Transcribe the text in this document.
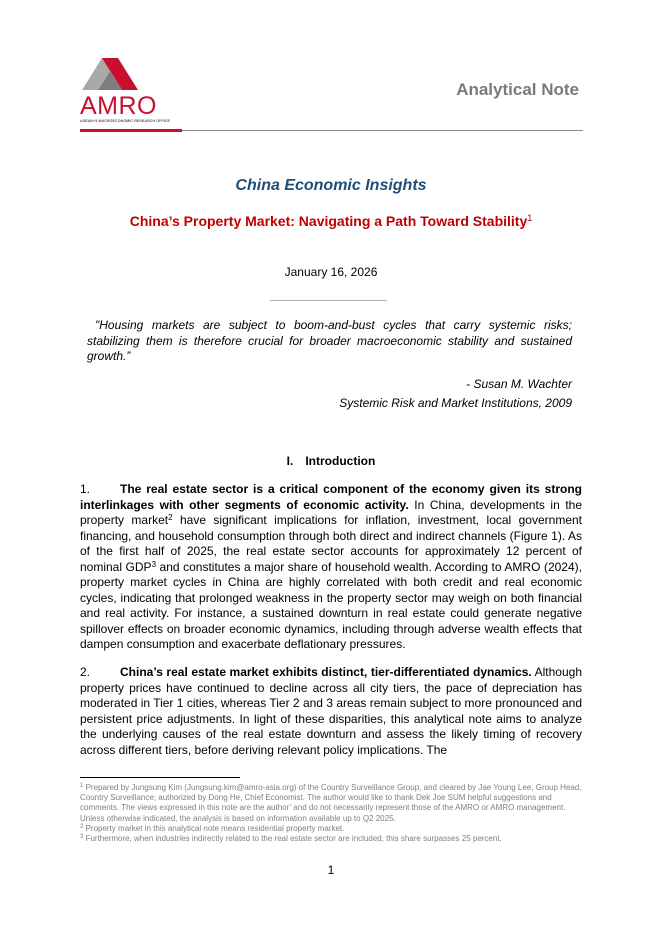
AMRO
ASEAN+3 MACROECONOMIC RESEARCH OFFICE
Analytical Note
China Economic Insights
China’s Property Market: Navigating a Path Toward Stability$^1$
January 16, 2026

"Housing markets are subject to boom-and-bust cycles that carry systemic risks; stabilizing them is therefore crucial for broader macroeconomic stability and sustained growth.”

- Susan M. Wachter
Systemic Risk and Market Institutions, 2009
I. Introduction

1. The real estate sector is a critical component of the economy given its strong interlinkages with other segments of economic activity. In China, developments in the property market$^2$ have significant implications for inflation, investment, local government financing, and household consumption through both direct and indirect channels (Figure 1). As of the first half of 2025, the real estate sector accounts for approximately 12 percent of nominal GDP$^3$ and constitutes a major share of household wealth. According to AMRO (2024), property market cycles in China are highly correlated with both credit and real economic cycles, indicating that prolonged weakness in the property sector may weigh on both financial and real activity. For instance, a sustained downturn in real estate could generate negative spillover effects on broader economic dynamics, including through adverse wealth effects that dampen consumption and exacerbate deflationary pressures.

2. China’s real estate market exhibits distinct, tier-differentiated dynamics. Although property prices have continued to decline across all city tiers, the pace of depreciation has moderated in Tier 1 cities, whereas Tier 2 and 3 areas remain subject to more pronounced and persistent price adjustments. In light of these disparities, this analytical note aims to analyze the underlying causes of the real estate downturn and assess the likely timing of recovery across different tiers, before deriving relevant policy implications. The

$^1$ Prepared by Jungsung Kim (Jungsung.kim@amro-asia.org) of the Country Surveillance Group, and cleared by Jae Young Lee, Group Head, Country Surveillance; authorized by Dong He, Chief Economist. The author would like to thank Dek Joe SUM helpful suggestions and comments. The views expressed in this note are the author’ and do not necessarily represent those of the AMRO or AMRO management. Unless otherwise indicated, the analysis is based on information available up to Q2 2025.

$^2$ Property market in this analytical note means residential property market.

$^3$ Furthermore, when industries indirectly related to the real estate sector are included, this share surpasses 25 percent.

1
